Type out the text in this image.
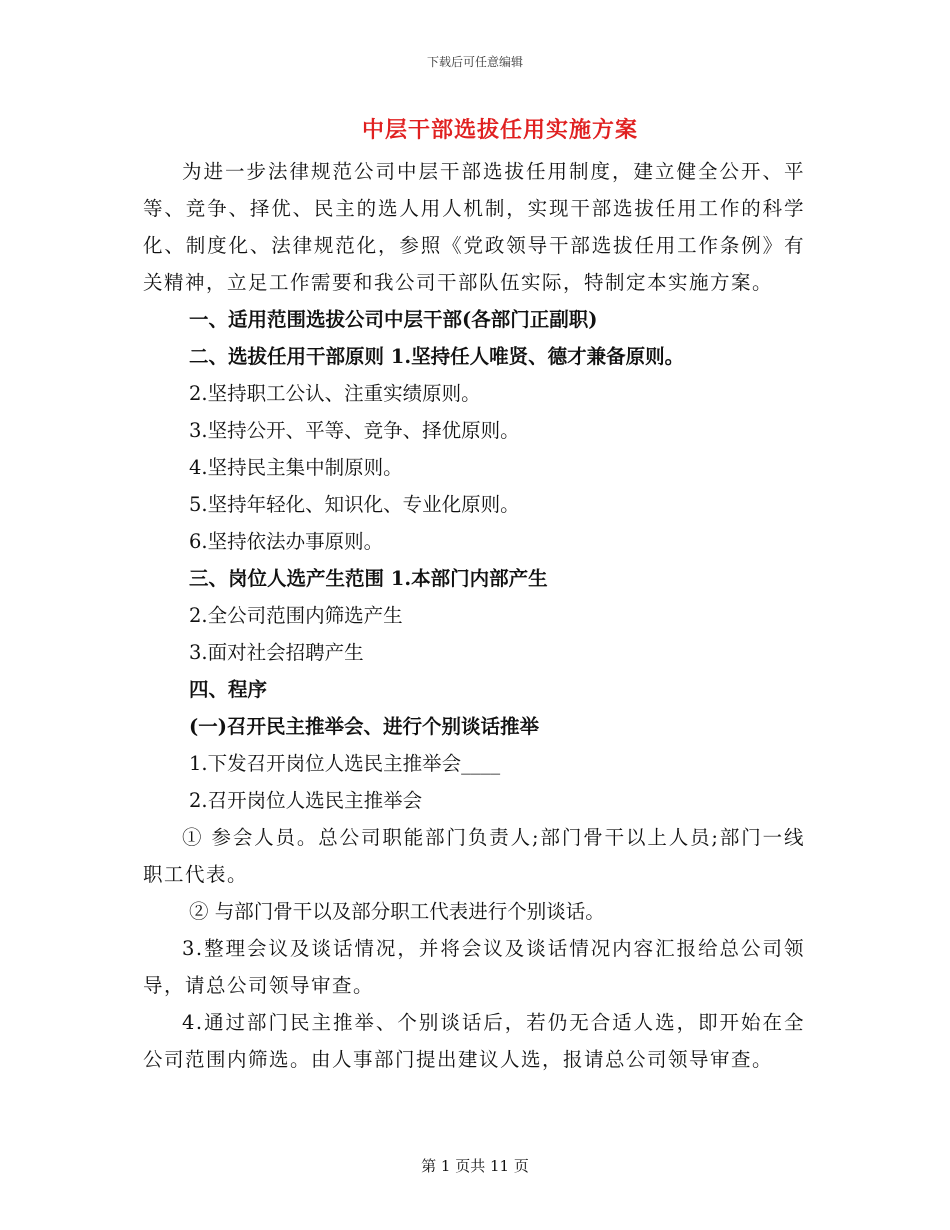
下载后可任意编辑
中层干部选拔任用实施方案

为进一步法律规范公司中层干部选拔任用制度，建立健全公开、平等、竞争、择优、民主的选人用人机制，实现干部选拔任用工作的科学化、制度化、法律规范化，参照《党政领导干部选拔任用工作条例》有关精神，立足工作需要和我公司干部队伍实际，特制定本实施方案。

一、适用范围选拔公司中层干部(各部门正副职)

二、选拔任用干部原则 1.坚持任人唯贤、德才兼备原则。

2.坚持职工公认、注重实绩原则。

3.坚持公开、平等、竞争、择优原则。

4.坚持民主集中制原则。

5.坚持年轻化、知识化、专业化原则。

6.坚持依法办事原则。

三、岗位人选产生范围 1.本部门内部产生

2.全公司范围内筛选产生

3.面对社会招聘产生

四、程序

(一)召开民主推举会、进行个别谈话推举

1.下发召开岗位人选民主推举会____

2.召开岗位人选民主推举会

① 参会人员。总公司职能部门负责人;部门骨干以上人员;部门一线职工代表。

② 与部门骨干以及部分职工代表进行个别谈话。

3.整理会议及谈话情况，并将会议及谈话情况内容汇报给总公司领导，请总公司领导审查。

4.通过部门民主推举、个别谈话后，若仍无合适人选，即开始在全公司范围内筛选。由人事部门提出建议人选，报请总公司领导审查。

第 1 页共 11 页
